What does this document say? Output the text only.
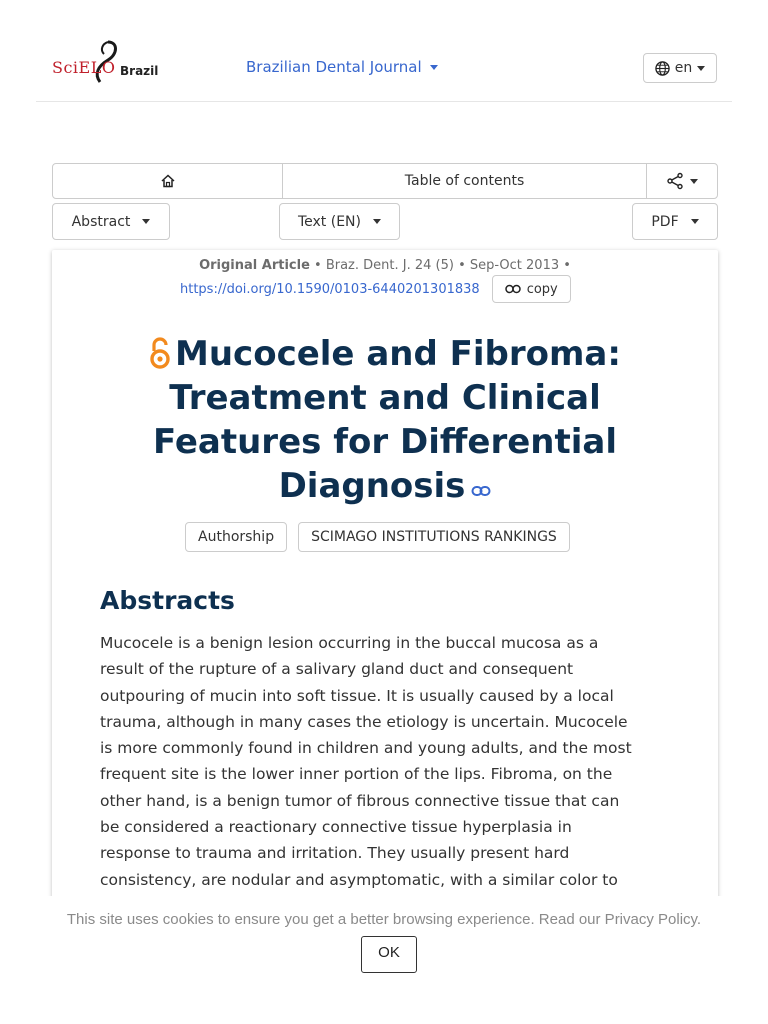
SciELO Brazil	Brazilian Dental Journal	en
Table of contents
Abstract	Text (EN)	PDF
Original Article • Braz. Dent. J. 24 (5) • Sep-Oct 2013 •
https://doi.org/10.1590/0103-6440201301838	copy
Mucocele and Fibroma:
Treatment and Clinical
Features for Differential
Diagnosis
Authorship	SCIMAGO INSTITUTIONS RANKINGS
Abstracts
Mucocele is a benign lesion occurring in the buccal mucosa as a
result of the rupture of a salivary gland duct and consequent
outpouring of mucin into soft tissue. It is usually caused by a local
trauma, although in many cases the etiology is uncertain. Mucocele
is more commonly found in children and young adults, and the most
frequent site is the lower inner portion of the lips. Fibroma, on the
other hand, is a benign tumor of fibrous connective tissue that can
be considered a reactionary connective tissue hyperplasia in
response to trauma and irritation. They usually present hard
consistency, are nodular and asymptomatic, with a similar color to
This site uses cookies to ensure you get a better browsing experience. Read our Privacy Policy.
OK
